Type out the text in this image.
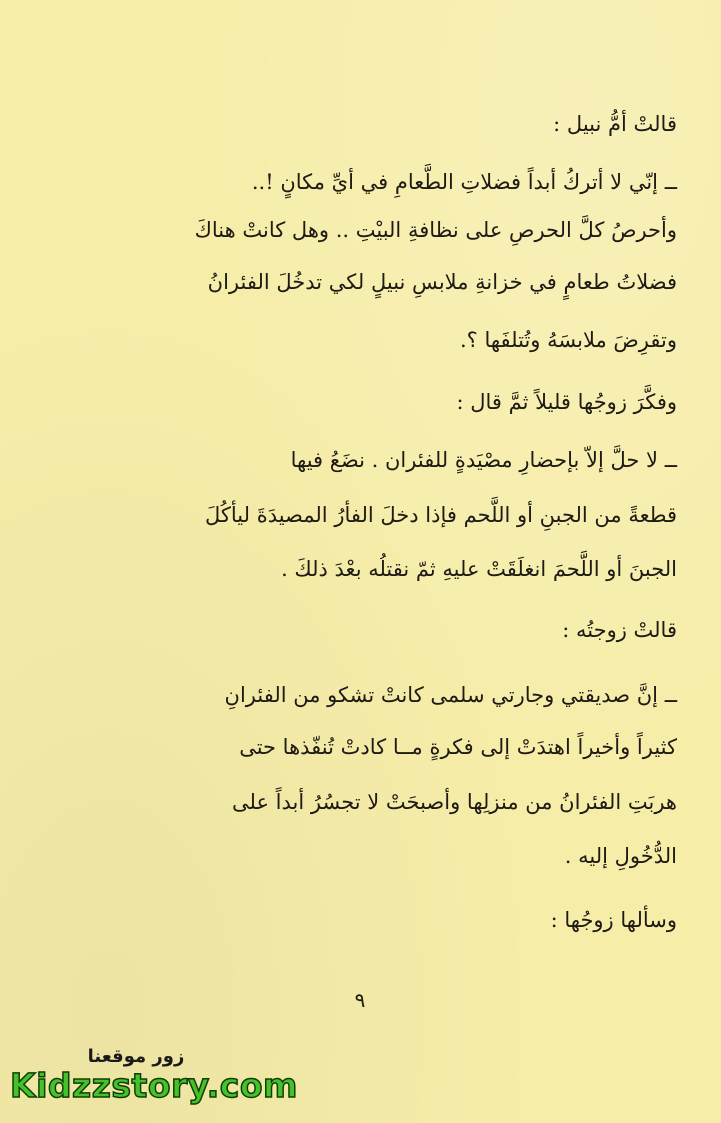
قالتْ أمُّ نبيل :
ــ إنّي لا أتركُ أبداً فضلاتِ الطَّعامِ في أيِّ مكانٍ !..
وأحرصُ كلَّ الحرصِ على نظافةِ البيْتِ .. وهل كانتْ هناكَ
فضلاتُ طعامٍ في خزانةِ ملابسِ نبيلٍ لكي تدخُلَ الفئرانُ
وتقرِضَ ملابسَهُ وتُتلفَها ؟.
وفكَّرَ زوجُها قليلاً ثمَّ قال :
ــ لا حلَّ إلاّ بإحضارِ مصْيَدةٍ للفئران . نضَعُ فيها
قطعةً من الجبنِ أو اللَّحم فإذا دخلَ الفأرُ المصيدَةَ ليأكُلَ
الجبنَ أو اللَّحمَ انغلَقَتْ عليهِ ثمّ نقتلُه بعْدَ ذلكَ .
قالتْ زوجتُه :
ــ إنَّ صديقتي وجارتي سلمى كانتْ تشكو من الفئرانِ
كثيراً وأخيراً اهتدَتْ إلى فكرةٍ مــا كادتْ تُنفّذها حتى
هربَتِ الفئرانُ من منزلِها وأصبحَتْ لا تجسُرُ أبداً على
الدُّخُولِ إليه .
وسألها زوجُها :
٩
زور موقعنا
Kidzzstory.com
